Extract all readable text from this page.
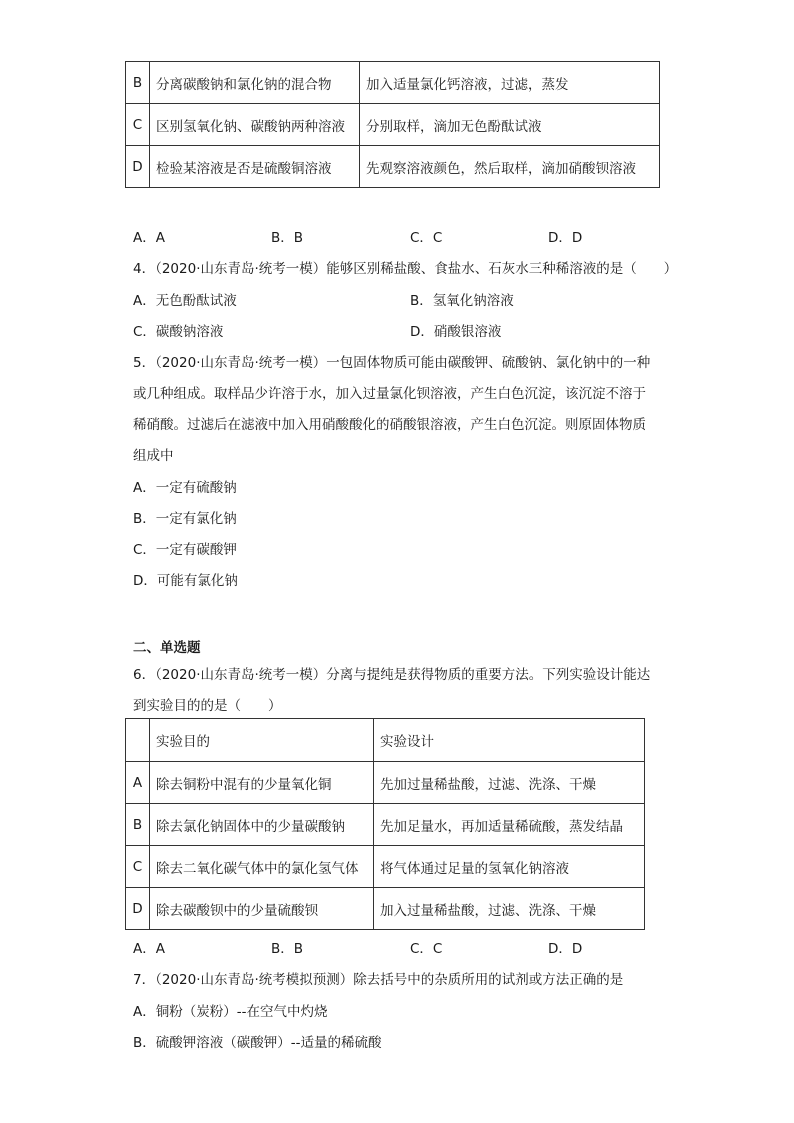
B	分离碳酸钠和氯化钠的混合物	加入适量氯化钙溶液，过滤，蒸发
C	区别氢氧化钠、碳酸钠两种溶液	分别取样，滴加无色酚酞试液
D	检验某溶液是否是硫酸铜溶液	先观察溶液颜色，然后取样，滴加硝酸钡溶液
A．A	B．B	C．C	D．D
4．（2020·山东青岛·统考一模）能够区别稀盐酸、食盐水、石灰水三种稀溶液的是（　　）
A．无色酚酞试液	B．氢氧化钠溶液
C．碳酸钠溶液	D．硝酸银溶液
5．（2020·山东青岛·统考一模）一包固体物质可能由碳酸钾、硫酸钠、氯化钠中的一种
或几种组成。取样品少许溶于水，加入过量氯化钡溶液，产生白色沉淀，该沉淀不溶于
稀硝酸。过滤后在滤液中加入用硝酸酸化的硝酸银溶液，产生白色沉淀。则原固体物质
组成中
A．一定有硫酸钠
B．一定有氯化钠
C．一定有碳酸钾
D．可能有氯化钠
二、单选题
6．（2020·山东青岛·统考一模）分离与提纯是获得物质的重要方法。下列实验设计能达
到实验目的的是（　　）
	实验目的	实验设计
A	除去铜粉中混有的少量氧化铜	先加过量稀盐酸，过滤、洗涤、干燥
B	除去氯化钠固体中的少量碳酸钠	先加足量水，再加适量稀硫酸，蒸发结晶
C	除去二氧化碳气体中的氯化氢气体	将气体通过足量的氢氧化钠溶液
D	除去碳酸钡中的少量硫酸钡	加入过量稀盐酸，过滤、洗涤、干燥
A．A	B．B	C．C	D．D
7．（2020·山东青岛·统考模拟预测）除去括号中的杂质所用的试剂或方法正确的是
A．铜粉（炭粉）--在空气中灼烧
B．硫酸钾溶液（碳酸钾）--适量的稀硫酸
